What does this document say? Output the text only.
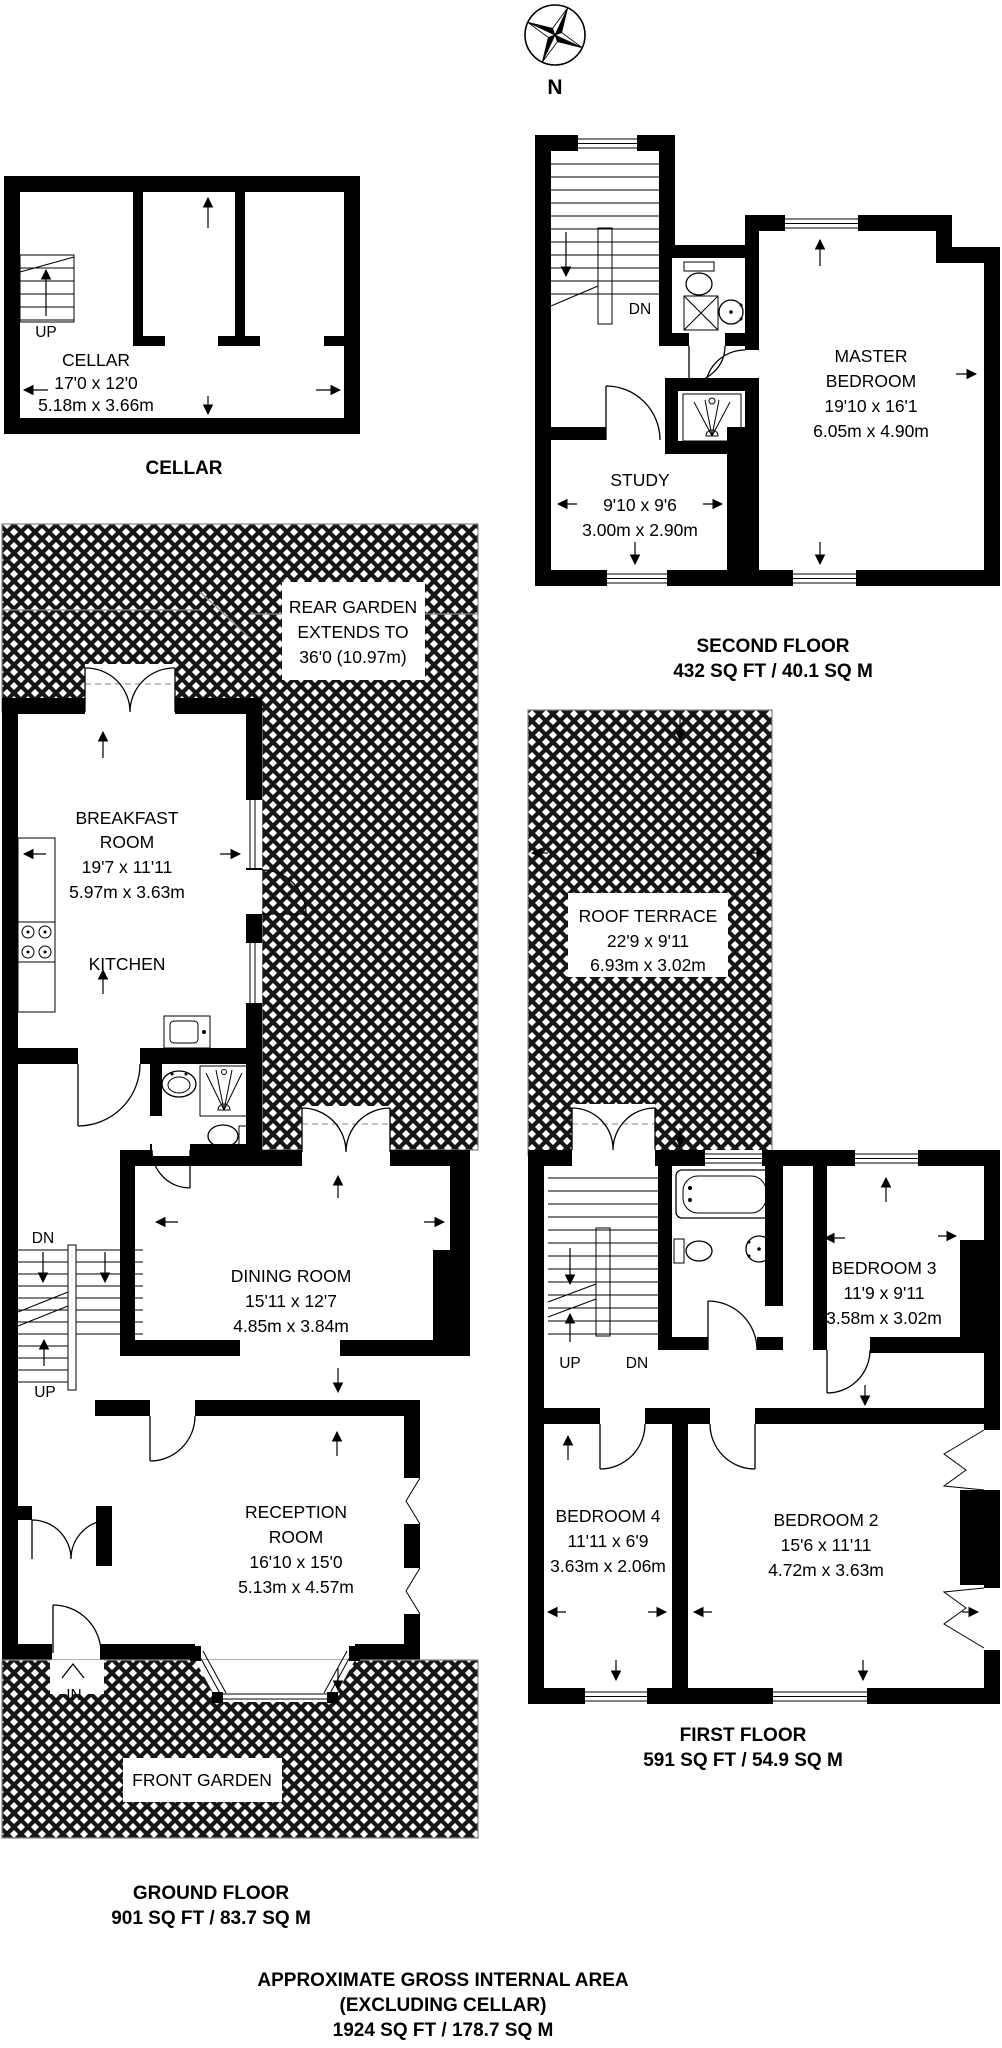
N
UP
CELLAR
17'0 x 12'0
5.18m x 3.66m
CELLAR
DN
MASTER
BEDROOM
19'10 x 16'1
6.05m x 4.90m
STUDY
9'10 x 9'6
3.00m x 2.90m
SECOND FLOOR
432 SQ FT / 40.1 SQ M
REAR GARDEN
EXTENDS TO
36'0 (10.97m)
DN
UP
IN
FRONT GARDEN
BREAKFAST
ROOM
19'7 x 11'11
5.97m x 3.63m
KITCHEN
DINING ROOM
15'11 x 12'7
4.85m x 3.84m
RECEPTION
ROOM
16'10 x 15'0
5.13m x 4.57m
GROUND FLOOR
901 SQ FT / 83.7 SQ M
ROOF TERRACE
22'9 x 9'11
6.93m x 3.02m
UP	DN
BEDROOM 3
11'9 x 9'11
3.58m x 3.02m
BEDROOM 4
11'11 x 6'9
3.63m x 2.06m
BEDROOM 2
15'6 x 11'11
4.72m x 3.63m
FIRST FLOOR
591 SQ FT / 54.9 SQ M
APPROXIMATE GROSS INTERNAL AREA
(EXCLUDING CELLAR)
1924 SQ FT / 178.7 SQ M
